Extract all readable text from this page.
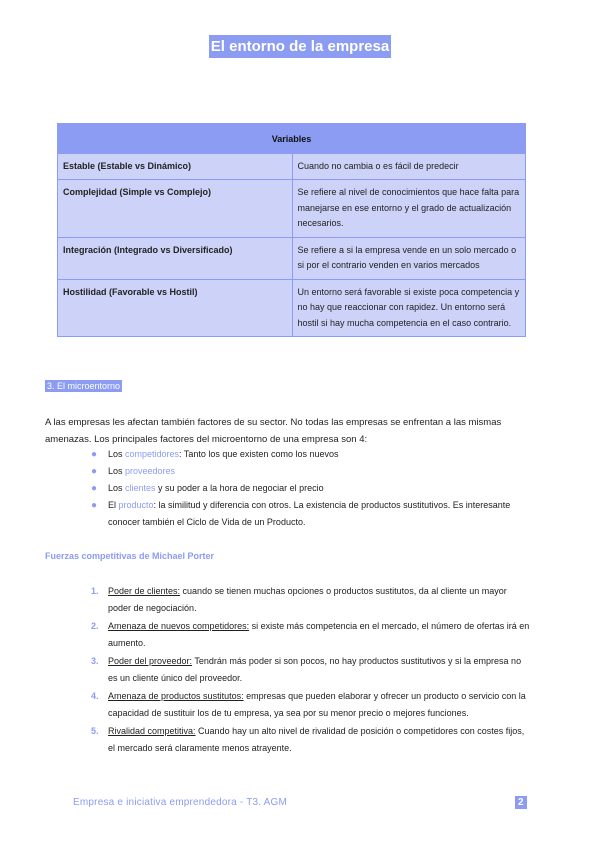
El entorno de la empresa
Variables	
Estable (Estable vs Dinámico)	Cuando no cambia o es fácil de predecir
Complejidad (Simple vs Complejo)	Se refiere al nivel de conocimientos que hace falta para manejarse en ese entorno y el grado de actualización necesarios.
Integración (Integrado vs Diversificado)	Se refiere a si la empresa vende en un solo mercado o si por el contrario venden en varios mercados
Hostilidad (Favorable vs Hostil)	Un entorno será favorable si existe poca competencia y no hay que reaccionar con rapidez. Un entorno será hostil si hay mucha competencia en el caso contrario.
3. El microentorno

A las empresas les afectan también factores de su sector. No todas las empresas se enfrentan a las mismas amenazas. Los principales factores del microentorno de una empresa son 4:

● Los competidores: Tanto los que existen como los nuevos
● Los proveedores
● Los clientes y su poder a la hora de negociar el precio
● El producto: la similitud y diferencia con otros. La existencia de productos sustitutivos. Es interesante conocer también el Ciclo de Vida de un Producto.
Fuerzas competitivas de Michael Porter
1. Poder de clientes: cuando se tienen muchas opciones o productos sustitutos, da al cliente un mayor poder de negociación.
2. Amenaza de nuevos competidores: si existe más competencia en el mercado, el número de ofertas irá en aumento.
3. Poder del proveedor: Tendrán más poder si son pocos, no hay productos sustitutivos y si la empresa no es un cliente único del proveedor.
4. Amenaza de productos sustitutos: empresas que pueden elaborar y ofrecer un producto o servicio con la capacidad de sustituir los de tu empresa, ya sea por su menor precio o mejores funciones.
5. Rivalidad competitiva: Cuando hay un alto nivel de rivalidad de posición o competidores con costes fijos, el mercado será claramente menos atrayente.
Empresa e iniciativa emprendedora - T3. AGM	2
